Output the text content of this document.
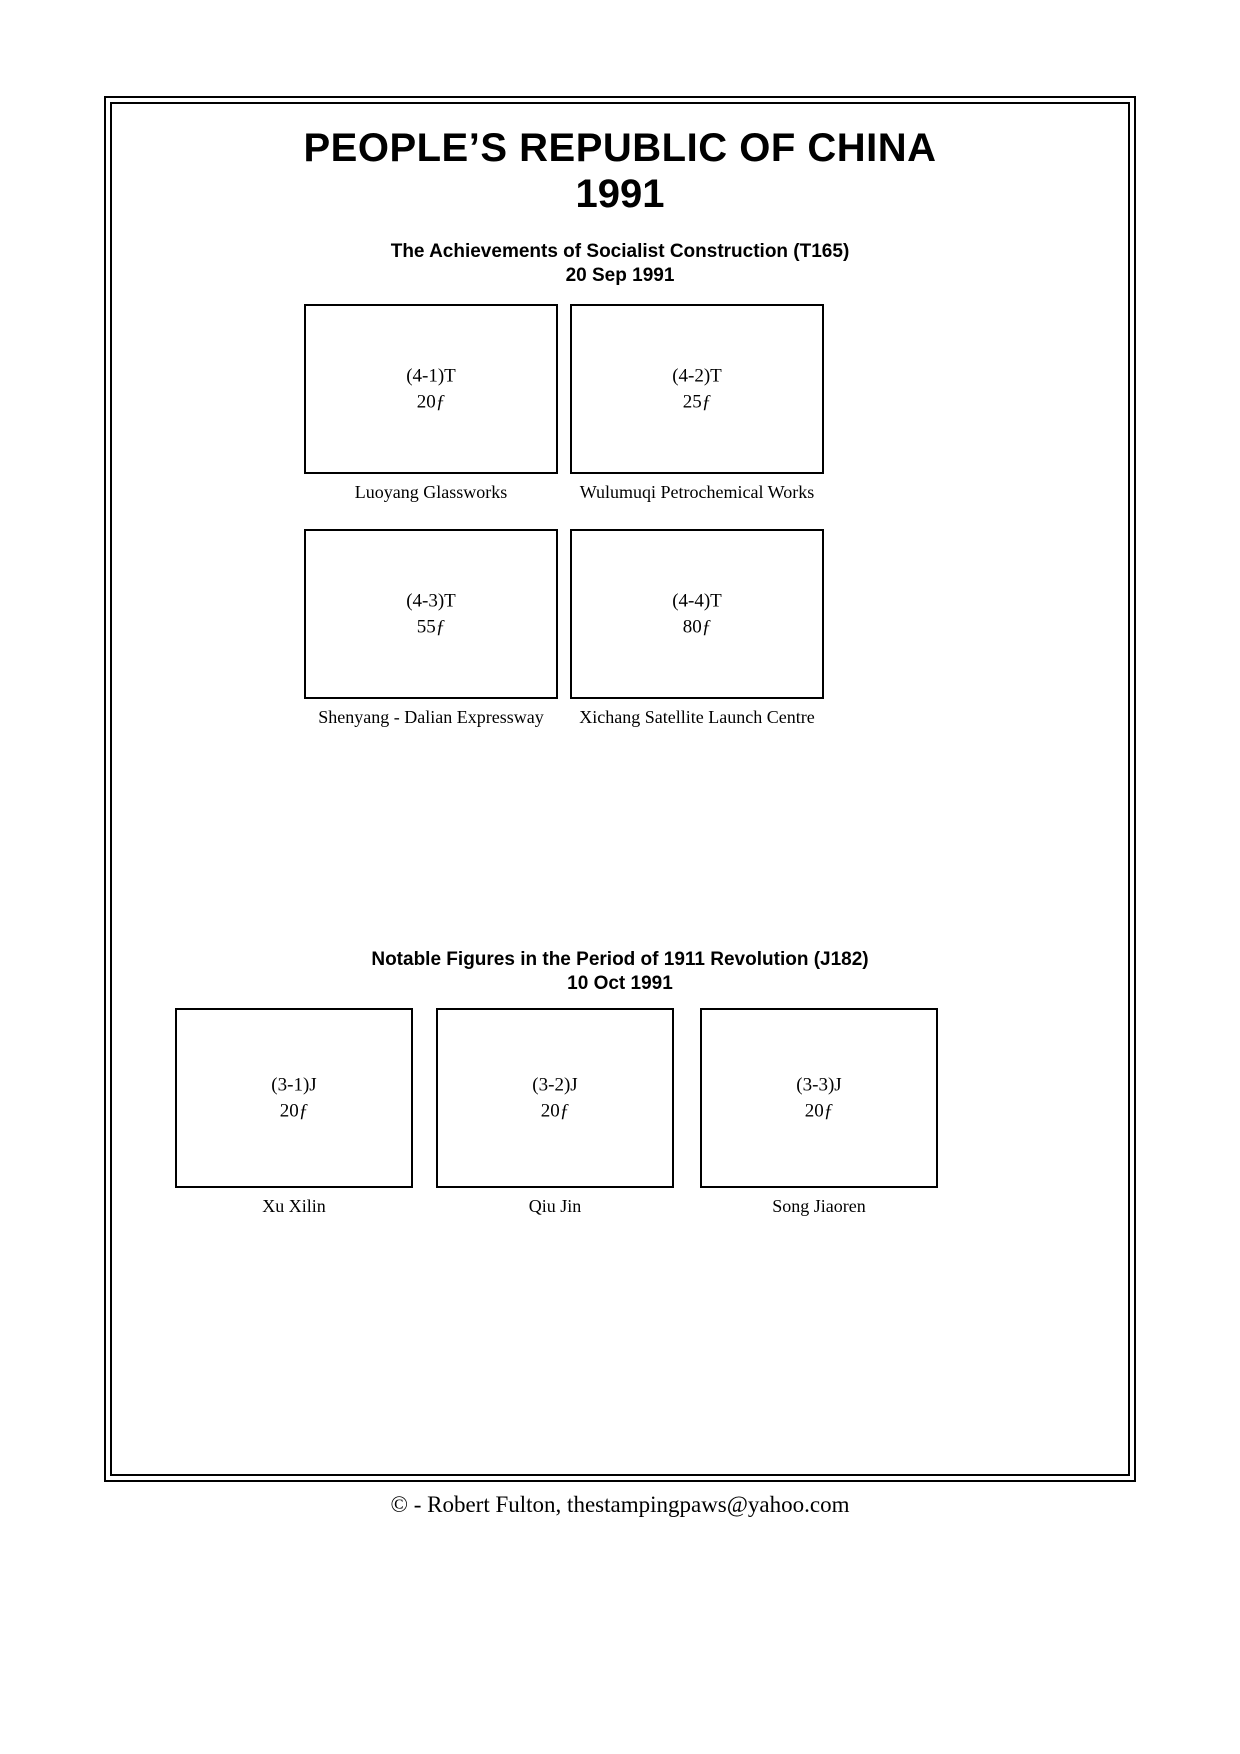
PEOPLE’S REPUBLIC OF CHINA
1991
The Achievements of Socialist Construction (T165)
20 Sep 1991
(4-1)T
20ƒ
Luoyang Glassworks
(4-2)T
25ƒ
Wulumuqi Petrochemical Works
(4-3)T
55ƒ
Shenyang - Dalian Expressway
(4-4)T
80ƒ
Xichang Satellite Launch Centre
Notable Figures in the Period of 1911 Revolution (J182)
10 Oct 1991
(3-1)J
20ƒ
Xu Xilin
(3-2)J
20ƒ
Qiu Jin
(3-3)J
20ƒ
Song Jiaoren
© - Robert Fulton, thestampingpaws@yahoo.com
